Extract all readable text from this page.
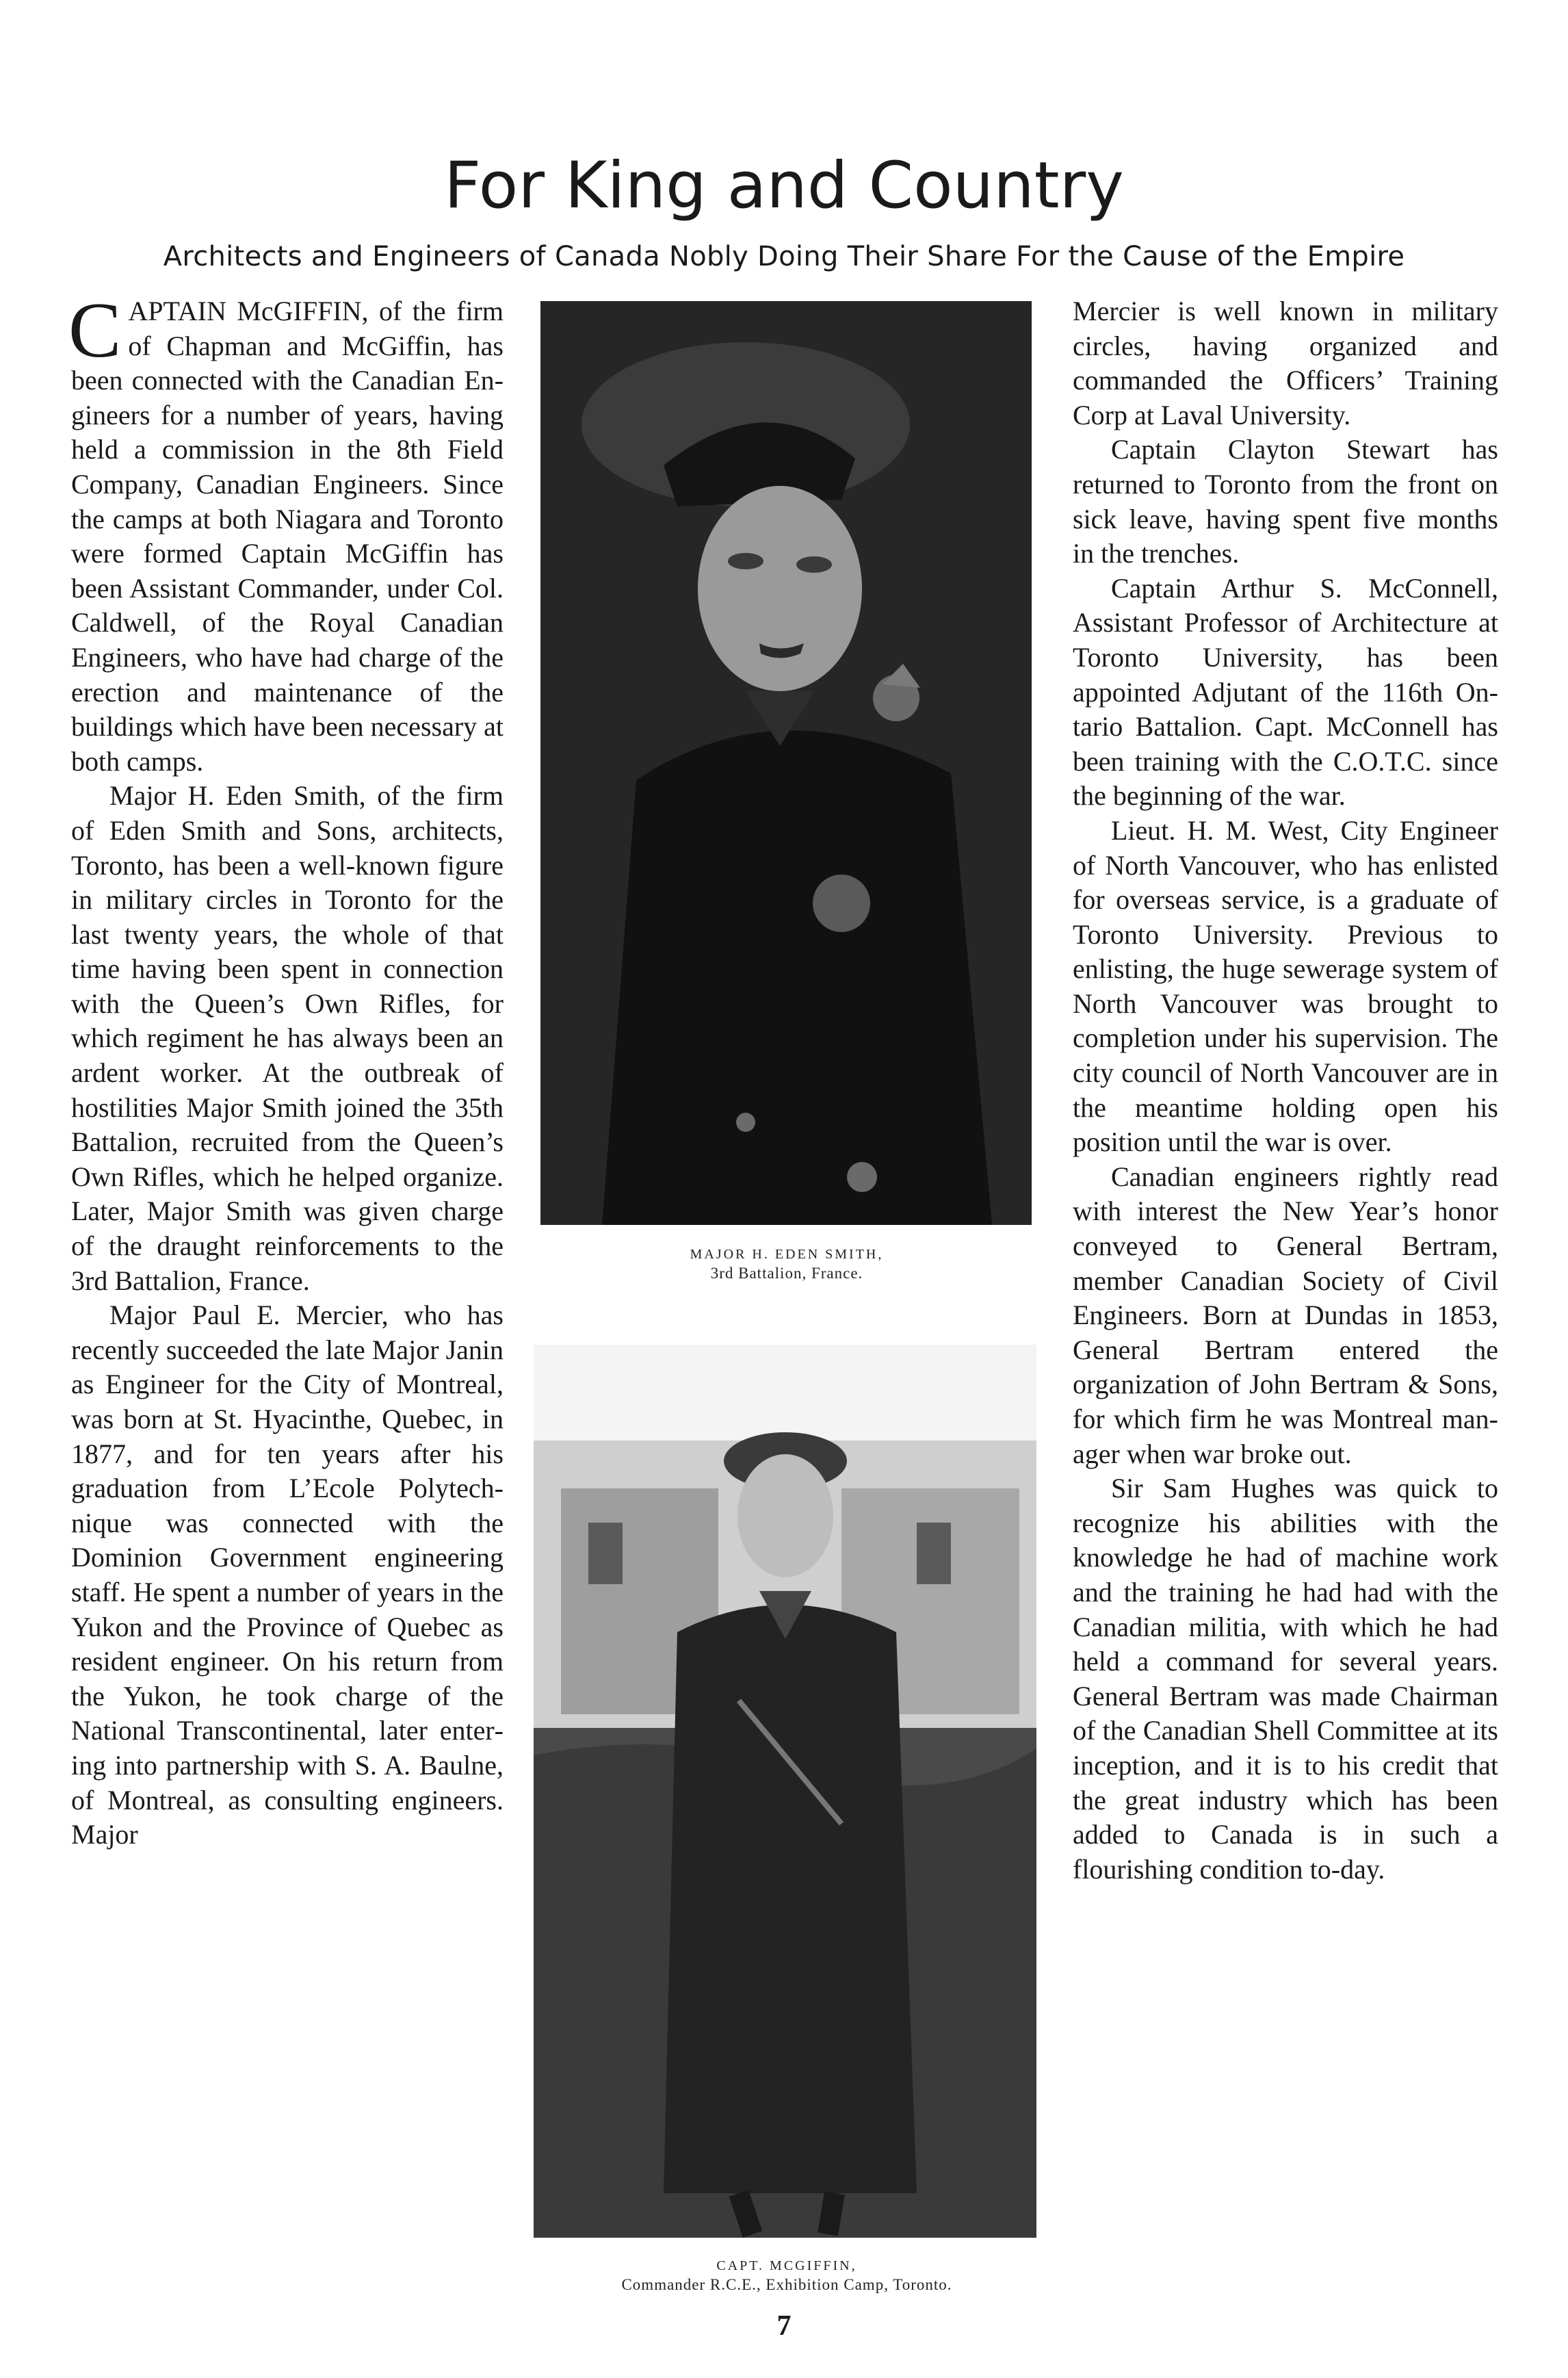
For King and Country
Architects and Engineers of Canada Nobly Doing Their Share For the Cause of the Empire

CAPTAIN McGIFFIN, of the firm of Chapman and McGiffin, has been connected with the Canadian Engineers for a number of years, having held a commission in the 8th Field Company, Canadian Engineers. Since the camps at both Niagara and Toronto were formed Captain McGiffin has been Assistant Commander, under Col. Caldwell, of the Royal Canadian Engineers, who have had charge of the erection and maintenance of the buildings which have been necessary at both camps.

Major H. Eden Smith, of the firm of Eden Smith and Sons, architects, Toronto, has been a well-known figure in military circles in Toronto for the last twenty years, the whole of that time having been spent in connection with the Queen’s Own Rifles, for which regiment he has always been an ardent worker. At the outbreak of hostilities Major Smith joined the 35th Battalion, recruited from the Queen’s Own Rifles, which he helped organize. Later, Major Smith was given charge of the draught reinforcements to the 3rd Battalion, France.

Major Paul E. Mercier, who has recently succeeded the late Major Janin as Engineer for the City of Montreal, was born at St. Hyacinthe, Quebec, in 1877, and for ten years after his graduation from L’Ecole Polytechnique was connected with the Dominion Government engineering staff. He spent a number of years in the Yukon and the Province of Quebec as resident engineer. On his return from the Yukon, he took charge of the National Transcontinental, later entering into partnership with S. A. Baulne, of Montreal, as consulting engineers. Major

MAJOR H. EDEN SMITH,
3rd Battalion, France.
CAPT. MCGIFFIN,
Commander R.C.E., Exhibition Camp, Toronto.

Mercier is well known in military circles, having organized and commanded the Officers’ Training Corp at Laval University.

Captain Clayton Stewart has returned to Toronto from the front on sick leave, having spent five months in the trenches.

Captain Arthur S. McConnell, Assistant Professor of Architecture at Toronto University, has been appointed Adjutant of the 116th Ontario Battalion. Capt. McConnell has been training with the C.O.T.C. since the beginning of the war.

Lieut. H. M. West, City Engineer of North Vancouver, who has enlisted for overseas service, is a graduate of Toronto University. Previous to enlisting, the huge sewerage system of North Vancouver was brought to completion under his supervision. The city council of North Vancouver are in the meantime holding open his position until the war is over.

Canadian engineers rightly read with interest the New Year’s honor conveyed to General Bertram, member Canadian Society of Civil Engineers. Born at Dundas in 1853, General Bertram entered the organization of John Bertram & Sons, for which firm he was Montreal manager when war broke out.

Sir Sam Hughes was quick to recognize his abilities with the knowledge he had of machine work and the training he had had with the Canadian militia, with which he had held a command for several years. General Bertram was made Chairman of the Canadian Shell Committee at its inception, and it is to his credit that the great industry which has been added to Canada is in such a flourishing condition to-day.

7
